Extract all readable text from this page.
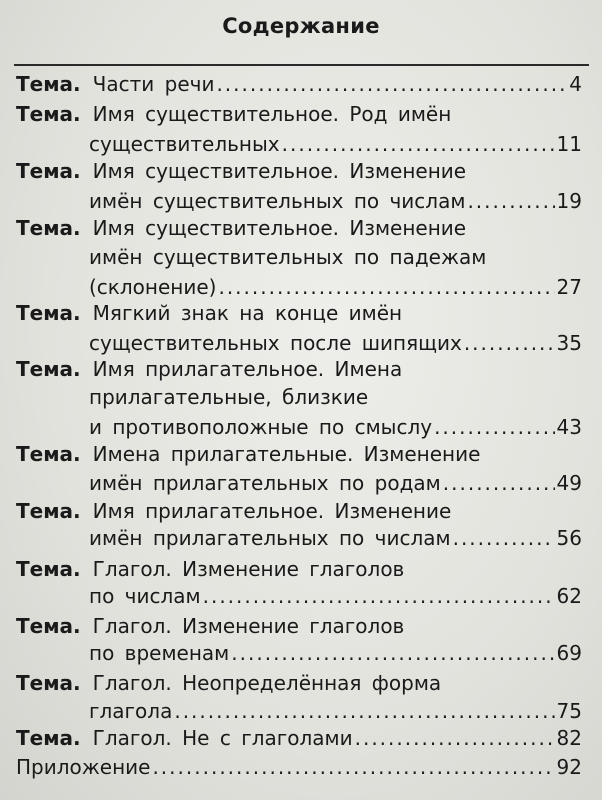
Содержание
Тема. Части речи .....	4
Тема. Имя существительное. Род имён
существительных .....	11
Тема. Имя существительное. Изменение
имён существительных по числам .....	19
Тема. Имя существительное. Изменение
имён существительных по падежам
(склонение) .....	27
Тема. Мягкий знак на конце имён
существительных после шипящих .....	35
Тема. Имя прилагательное. Имена
прилагательные, близкие
и противоположные по смыслу .....	43
Тема. Имена прилагательные. Изменение
имён прилагательных по родам .....	49
Тема. Имя прилагательное. Изменение
имён прилагательных по числам .....	56
Тема. Глагол. Изменение глаголов
по числам .....	62
Тема. Глагол. Изменение глаголов
по временам .....	69
Тема. Глагол. Неопределённая форма
глагола .....	75
Тема. Глагол. Не с глаголами .....	82
Приложение .....	92
